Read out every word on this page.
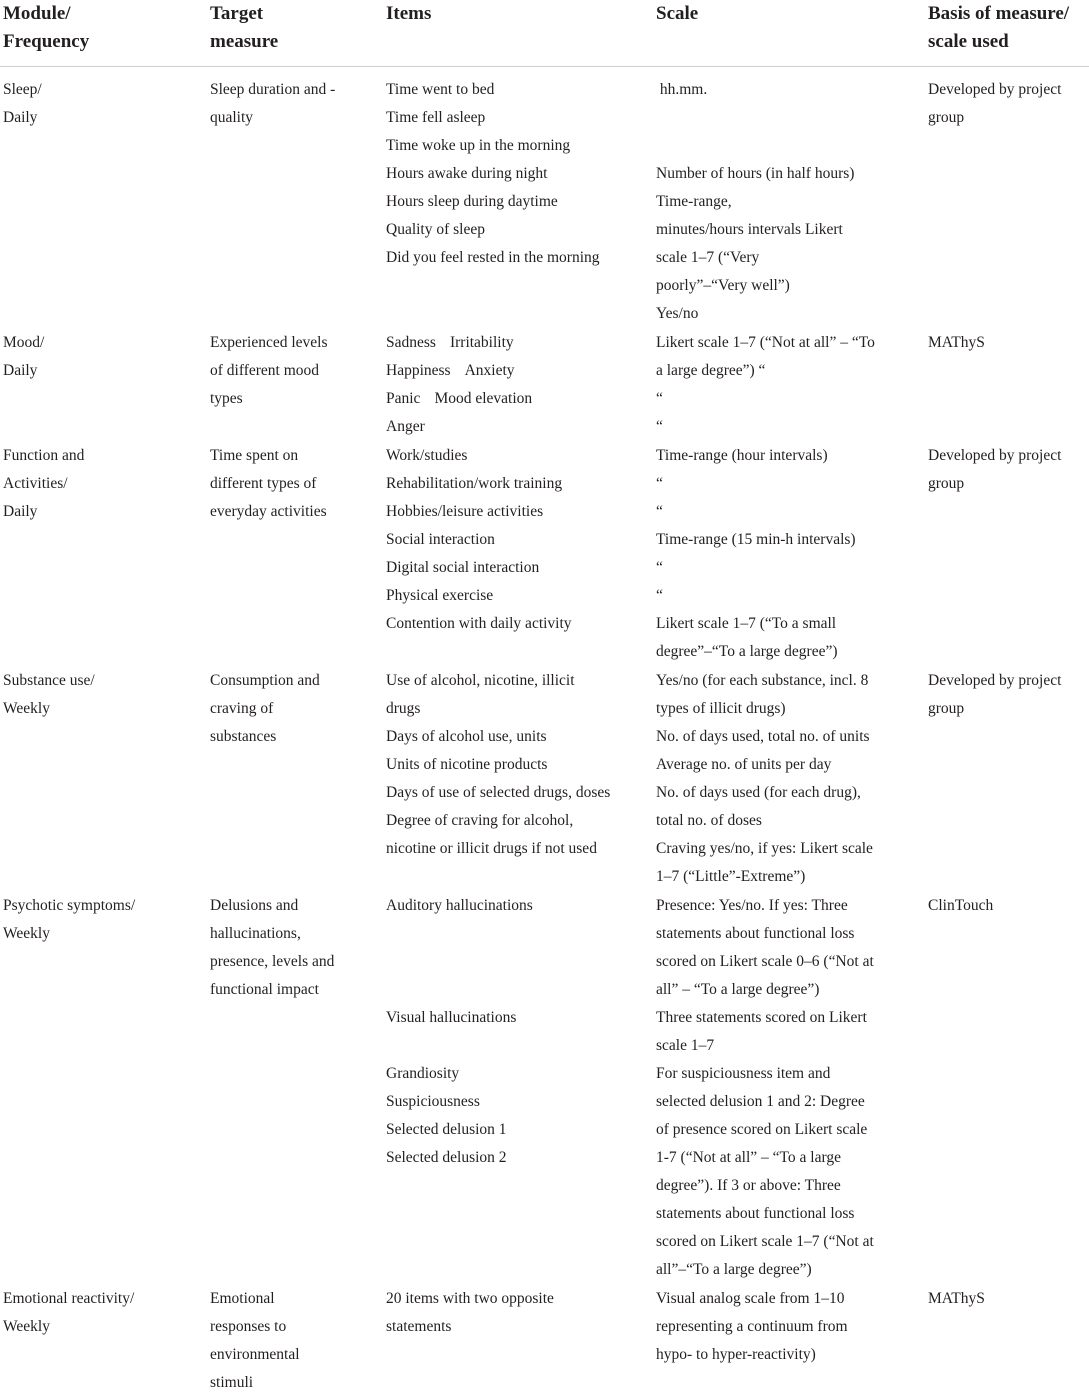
Module/
Frequency
Target
measure
Items	Scale	Basis of measure/
scale used
Sleep/
Daily
Sleep duration and -
quality
Time went to bed
Time fell asleep
Time woke up in the morning
Hours awake during night
Hours sleep during daytime
Quality of sleep
Did you feel rested in the morning
hh.mm.
Number of hours (in half hours)
Time-range,
minutes/hours intervals Likert
scale 1–7 (“Very
poorly”–“Very well”)
Yes/no
Developed by project
group
Mood/
Daily
Experienced levels
of different mood
types
Sadness Irritability
Happiness Anxiety
Panic Mood elevation
Anger
Likert scale 1–7 (“Not at all” – “To
a large degree”) “
“
“
MAThyS
Function and
Activities/
Daily
Time spent on
different types of
everyday activities
Work/studies
Rehabilitation/work training
Hobbies/leisure activities
Social interaction
Digital social interaction
Physical exercise
Contention with daily activity
Time-range (hour intervals)
“
“
Time-range (15 min-h intervals)
“
“
Likert scale 1–7 (“To a small
degree”–“To a large degree”)
Developed by project
group
Substance use/
Weekly
Consumption and
craving of
substances
Use of alcohol, nicotine, illicit
drugs
Days of alcohol use, units
Units of nicotine products
Days of use of selected drugs, doses
Degree of craving for alcohol,
nicotine or illicit drugs if not used
Yes/no (for each substance, incl. 8
types of illicit drugs)
No. of days used, total no. of units
Average no. of units per day
No. of days used (for each drug),
total no. of doses
Craving yes/no, if yes: Likert scale
1–7 (“Little”-Extreme”)
Developed by project
group
Psychotic symptoms/
Weekly
Delusions and
hallucinations,
presence, levels and
functional impact
Auditory hallucinations
Visual hallucinations
Grandiosity
Suspiciousness
Selected delusion 1
Selected delusion 2
Presence: Yes/no. If yes: Three
statements about functional loss
scored on Likert scale 0–6 (“Not at
all” – “To a large degree”)
Three statements scored on Likert
scale 1–7
For suspiciousness item and
selected delusion 1 and 2: Degree
of presence scored on Likert scale
1-7 (“Not at all” – “To a large
degree”). If 3 or above: Three
statements about functional loss
scored on Likert scale 1–7 (“Not at
all”–“To a large degree”)
ClinTouch
Emotional reactivity/
Weekly
Emotional
responses to
environmental
stimuli
20 items with two opposite
statements
Visual analog scale from 1–10
representing a continuum from
hypo- to hyper-reactivity)
MAThyS
